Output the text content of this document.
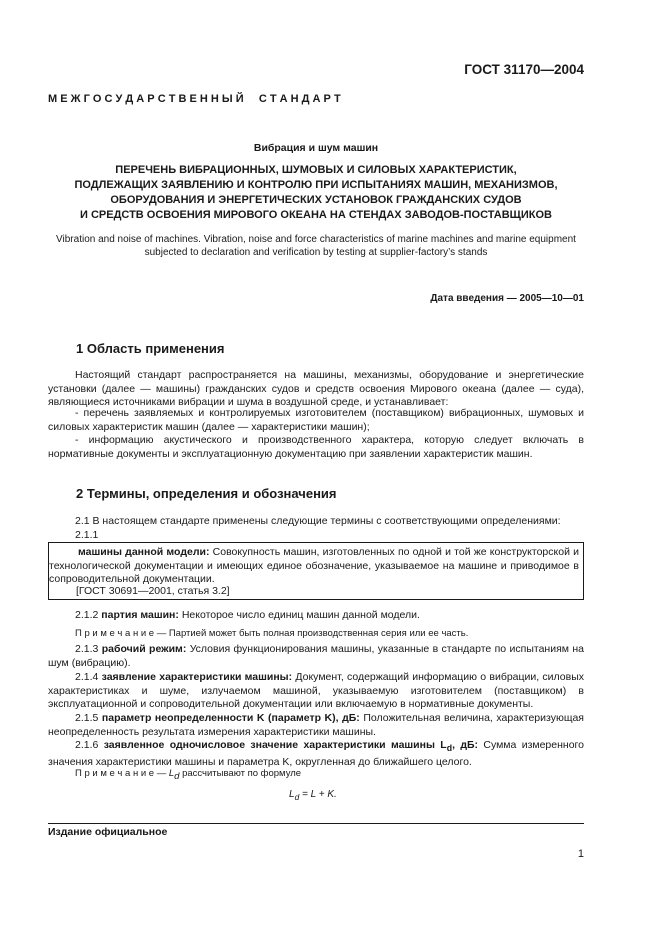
ГОСТ 31170—2004
М Е Ж Г О С У Д А Р С Т В Е Н Н Ы Й     С Т А Н Д А Р Т
Вибрация и шум машин
ПЕРЕЧЕНЬ ВИБРАЦИОННЫХ, ШУМОВЫХ И СИЛОВЫХ ХАРАКТЕРИСТИК,
ПОДЛЕЖАЩИХ ЗАЯВЛЕНИЮ И КОНТРОЛЮ ПРИ ИСПЫТАНИЯХ МАШИН, МЕХАНИЗМОВ,
ОБОРУДОВАНИЯ И ЭНЕРГЕТИЧЕСКИХ УСТАНОВОК ГРАЖДАНСКИХ СУДОВ
И СРЕДСТВ ОСВОЕНИЯ МИРОВОГО ОКЕАНА НА СТЕНДАХ ЗАВОДОВ-ПОСТАВЩИКОВ
Vibration and noise of machines. Vibration, noise and force characteristics of marine machines and marine equipment
subjected to declaration and verification by testing at supplier-factory’s stands
Дата введения — 2005—10—01
1 Область применения

Настоящий стандарт распространяется на машины, механизмы, оборудование и энергетические установки (далее — машины) гражданских судов и средств освоения Мирового океана (далее — суда), являющиеся источниками вибрации и шума в воздушной среде, и устанавливает:

- перечень заявляемых и контролируемых изготовителем (поставщиком) вибрационных, шумовых и силовых характеристик машин (далее — характеристики машин);

- информацию акустического и производственного характера, которую следует включать в нормативные документы и эксплуатационную документацию при заявлении характеристик машин.

2 Термины, определения и обозначения

2.1 В настоящем стандарте применены следующие термины с соответствующими определениями:

2.1.1

машины данной модели: Совокупность машин, изготовленных по одной и той же конструкторской и технологической документации и имеющих единое обозначение, указываемое на машине и приводимое в сопроводительной документации.

[ГОСТ 30691—2001, статья 3.2]

2.1.2 партия машин: Некоторое число единиц машин данной модели.

П р и м е ч а н и е — Партией может быть полная производственная серия или ее часть.

2.1.3 рабочий режим: Условия функционирования машины, указанные в стандарте по испытаниям на шум (вибрацию).

2.1.4 заявление характеристики машины: Документ, содержащий информацию о вибрации, силовых характеристиках и шуме, излучаемом машиной, указываемую изготовителем (поставщиком) в эксплуатационной и сопроводительной документации или включаемую в нормативные документы.

2.1.5 параметр неопределенности K (параметр K), дБ: Положительная величина, характеризующая неопределенность результата измерения характеристики машины.

2.1.6 заявленное одночисловое значение характеристики машины $L_d$, дБ: Сумма измеренного значения характеристики машины и параметра K, округленная до ближайшего целого.

П р и м е ч а н и е — $L_d$ рассчитывают по формуле

$L_d = L + K$.
Издание официальное
1
